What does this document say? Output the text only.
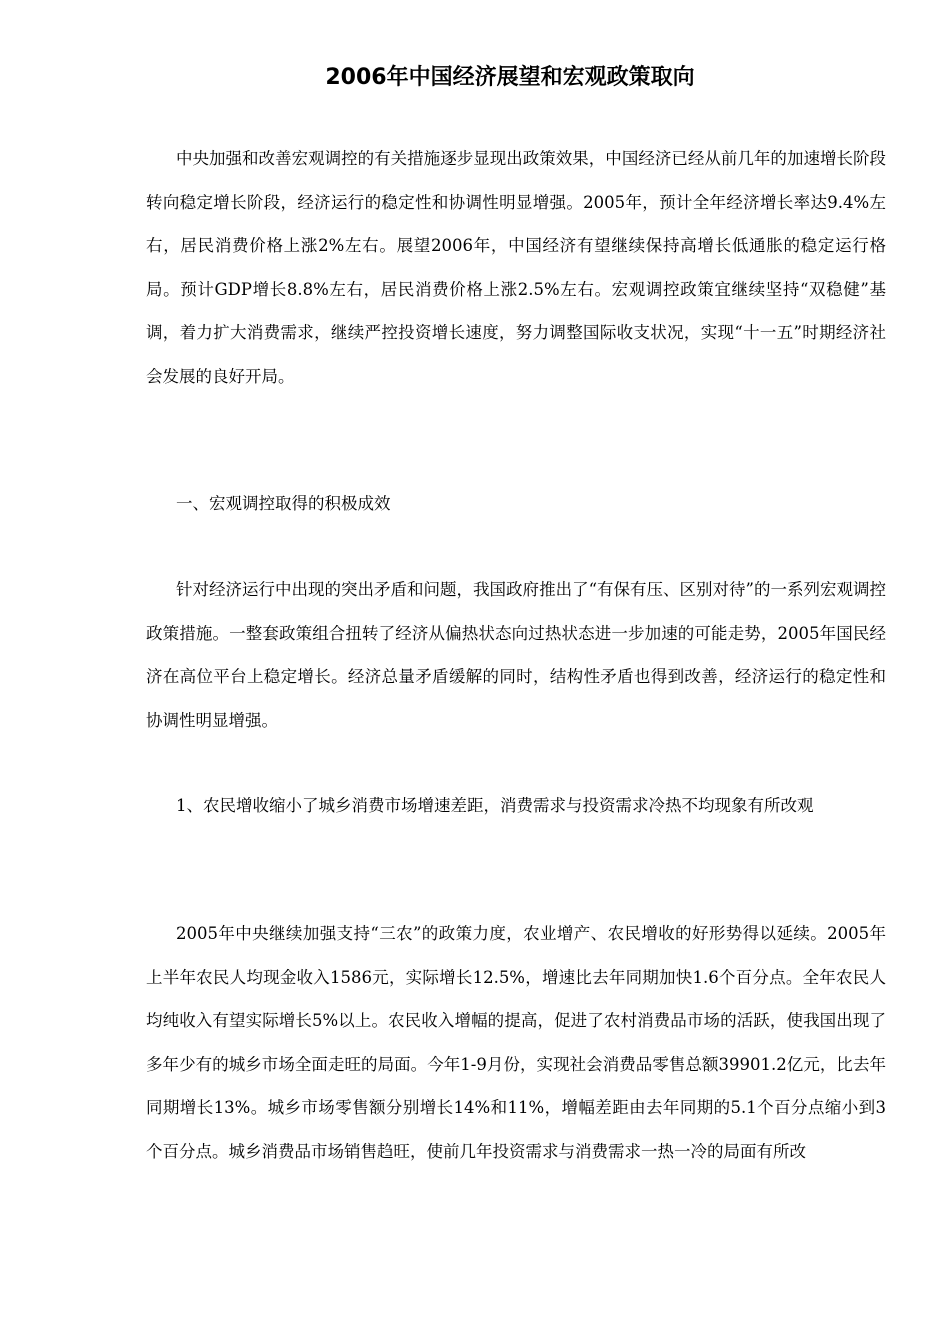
2006年中国经济展望和宏观政策取向

中央加强和改善宏观调控的有关措施逐步显现出政策效果，中国经济已经从前几年的加速增长阶段转向稳定增长阶段，经济运行的稳定性和协调性明显增强。2005年，预计全年经济增长率达9.4%左右，居民消费价格上涨2%左右。展望2006年，中国经济有望继续保持高增长低通胀的稳定运行格局。预计GDP增长8.8%左右，居民消费价格上涨2.5%左右。宏观调控政策宜继续坚持“双稳健”基调，着力扩大消费需求，继续严控投资增长速度，努力调整国际收支状况，实现“十一五”时期经济社会发展的良好开局。

一、宏观调控取得的积极成效

针对经济运行中出现的突出矛盾和问题，我国政府推出了“有保有压、区别对待”的一系列宏观调控政策措施。一整套政策组合扭转了经济从偏热状态向过热状态进一步加速的可能走势，2005年国民经济在高位平台上稳定增长。经济总量矛盾缓解的同时，结构性矛盾也得到改善，经济运行的稳定性和协调性明显增强。

1、农民增收缩小了城乡消费市场增速差距，消费需求与投资需求冷热不均现象有所改观

2005年中央继续加强支持“三农”的政策力度，农业增产、农民增收的好形势得以延续。2005年上半年农民人均现金收入1586元，实际增长12.5%，增速比去年同期加快1.6个百分点。全年农民人均纯收入有望实际增长5%以上。农民收入增幅的提高，促进了农村消费品市场的活跃，使我国出现了多年少有的城乡市场全面走旺的局面。今年1-9月份，实现社会消费品零售总额39901.2亿元，比去年同期增长13%。城乡市场零售额分别增长14%和11%，增幅差距由去年同期的5.1个百分点缩小到3个百分点。城乡消费品市场销售趋旺，使前几年投资需求与消费需求一热一冷的局面有所改
